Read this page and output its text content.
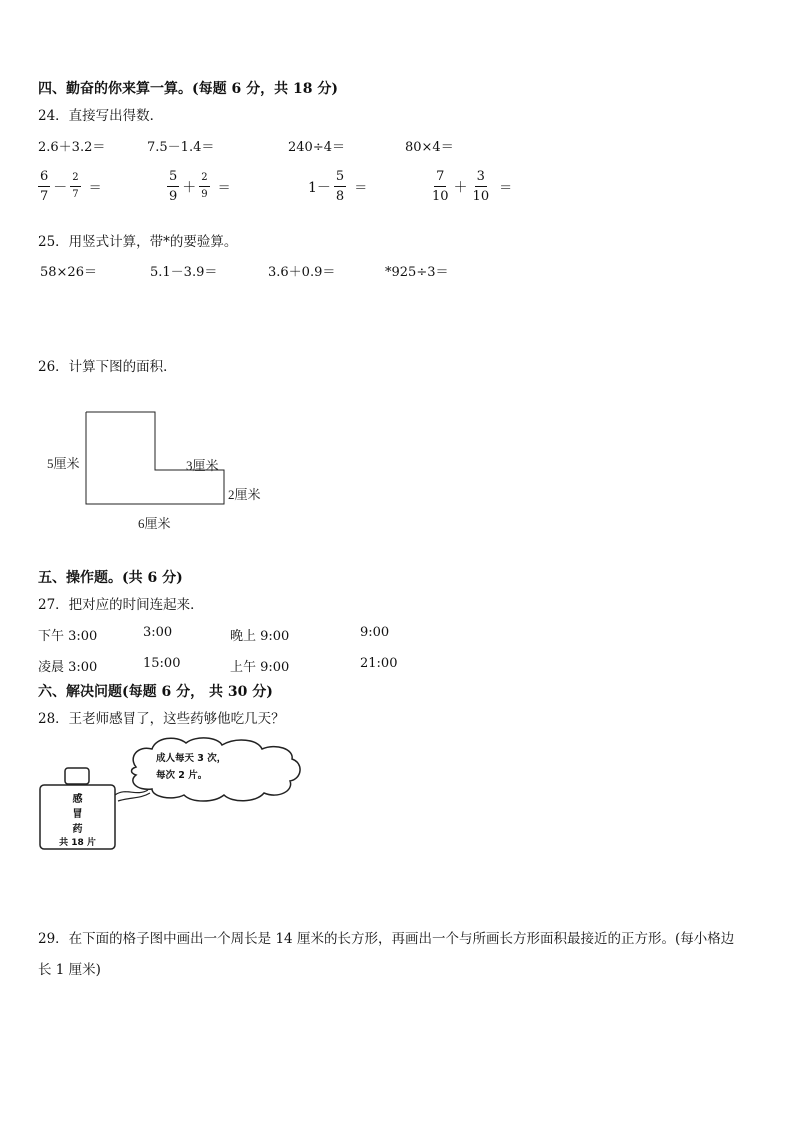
四、勤奋的你来算一算。(每题 6 分，共 18 分)
24．直接写出得数．
2.6＋3.2＝	7.5－1.4＝	240÷4＝	80×4＝
$\frac{6}{7} - \frac{2}{7}$ ＝	$\frac{5}{9} + \frac{2}{9}$ ＝	$1- \frac{5}{8}$ ＝	$\frac{7}{10} + \frac{3}{10}$ ＝
25．用竖式计算，带*的要验算。
58×26＝	5.1－3.9＝	3.6＋0.9＝	*925÷3＝
26．计算下图的面积．
5厘米	3厘米
2厘米
6厘米
五、操作题。(共 6 分)
27．把对应的时间连起来．
下午 3:00	3:00	晚上 9:00	9:00
凌晨 3:00	15:00	上午 9:00	21:00
六、解决问题(每题 6 分， 共 30 分)
28．王老师感冒了，这些药够他吃几天？
成人每天 3 次，
每次 2 片。
感
冒
药
共 18 片
29．在下面的格子图中画出一个周长是 14 厘米的长方形，再画出一个与所画长方形面积最接近的正方形。(每小格边
长 1 厘米)
